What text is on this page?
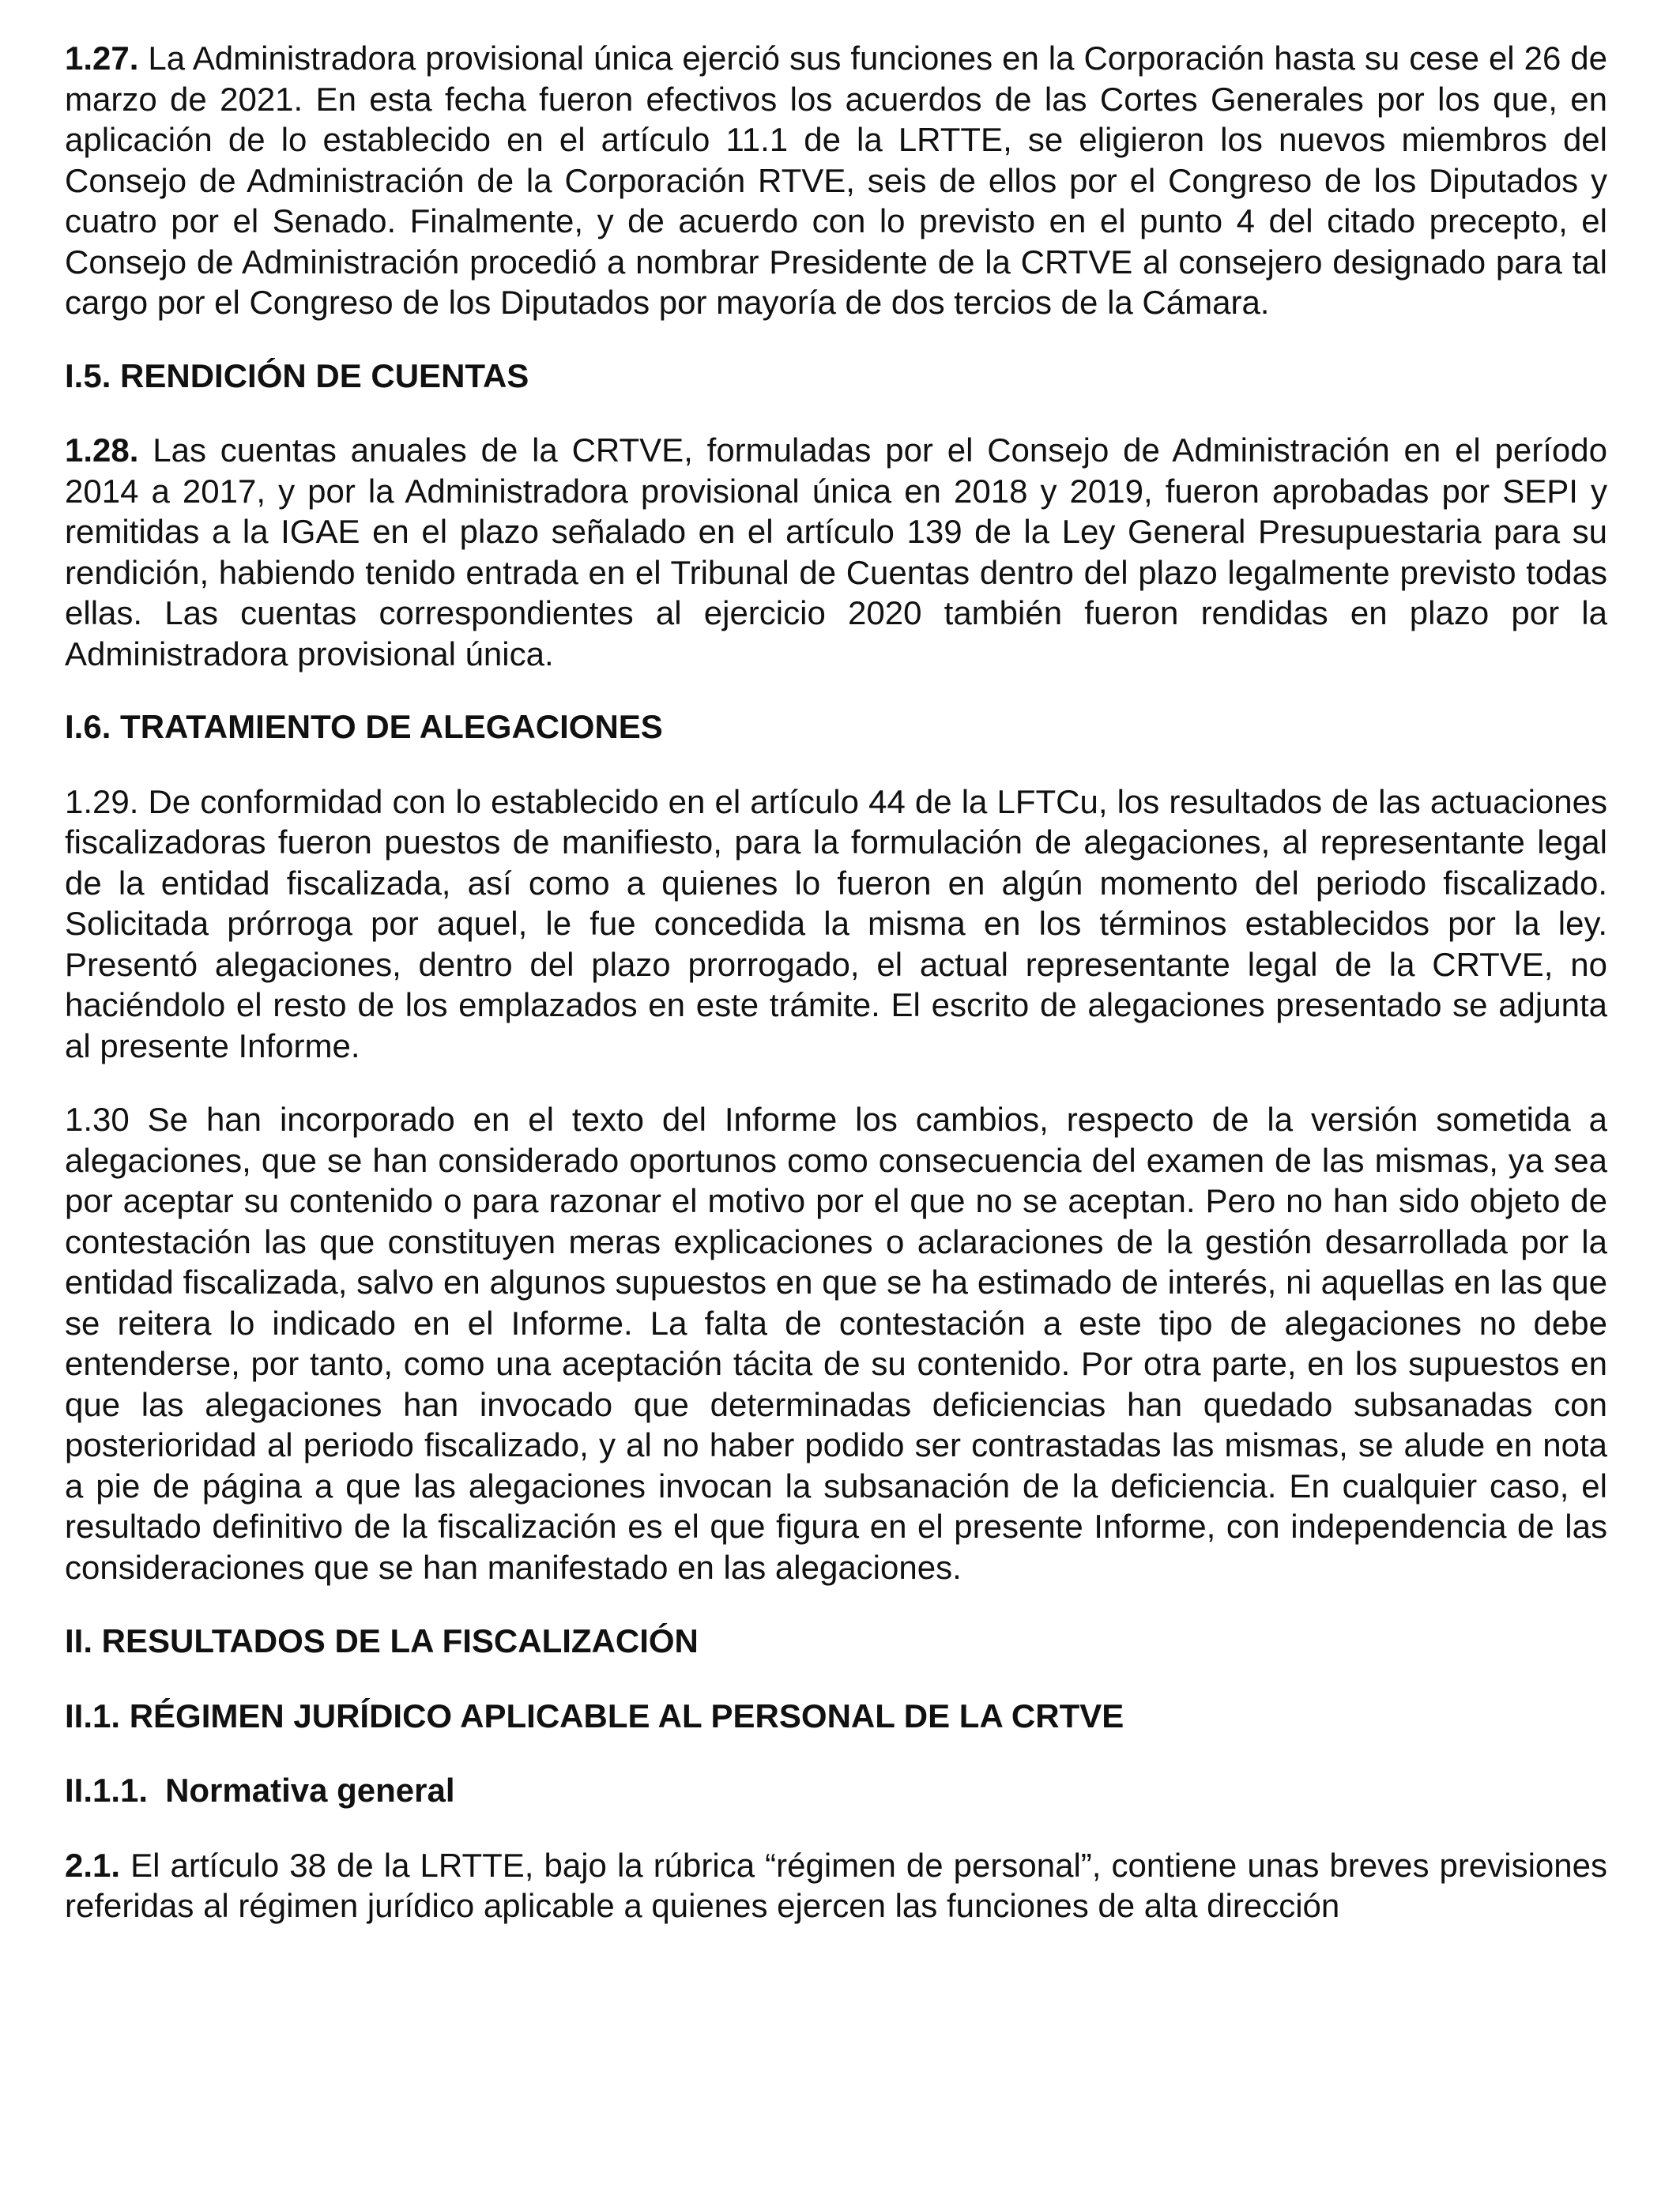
1.27. La Administradora provisional única ejerció sus funciones en la Corporación hasta su cese el 26 de marzo de 2021. En esta fecha fueron efectivos los acuerdos de las Cortes Generales por los que, en aplicación de lo establecido en el artículo 11.1 de la LRTTE, se eligieron los nuevos miembros del Consejo de Administración de la Corporación RTVE, seis de ellos por el Congreso de los Diputados y cuatro por el Senado. Finalmente, y de acuerdo con lo previsto en el punto 4 del citado precepto, el Consejo de Administración procedió a nombrar Presidente de la CRTVE al consejero designado para tal cargo por el Congreso de los Diputados por mayoría de dos tercios de la Cámara.

I.5. RENDICIÓN DE CUENTAS

1.28. Las cuentas anuales de la CRTVE, formuladas por el Consejo de Administración en el período 2014 a 2017, y por la Administradora provisional única en 2018 y 2019, fueron aprobadas por SEPI y remitidas a la IGAE en el plazo señalado en el artículo 139 de la Ley General Presupuestaria para su rendición, habiendo tenido entrada en el Tribunal de Cuentas dentro del plazo legalmente previsto todas ellas. Las cuentas correspondientes al ejercicio 2020 también fueron rendidas en plazo por la Administradora provisional única.

I.6. TRATAMIENTO DE ALEGACIONES

1.29. De conformidad con lo establecido en el artículo 44 de la LFTCu, los resultados de las actuaciones fiscalizadoras fueron puestos de manifiesto, para la formulación de alegaciones, al representante legal de la entidad fiscalizada, así como a quienes lo fueron en algún momento del periodo fiscalizado. Solicitada prórroga por aquel, le fue concedida la misma en los términos establecidos por la ley. Presentó alegaciones, dentro del plazo prorrogado, el actual representante legal de la CRTVE, no haciéndolo el resto de los emplazados en este trámite. El escrito de alegaciones presentado se adjunta al presente Informe.

1.30 Se han incorporado en el texto del Informe los cambios, respecto de la versión sometida a alegaciones, que se han considerado oportunos como consecuencia del examen de las mismas, ya sea por aceptar su contenido o para razonar el motivo por el que no se aceptan. Pero no han sido objeto de contestación las que constituyen meras explicaciones o aclaraciones de la gestión desarrollada por la entidad fiscalizada, salvo en algunos supuestos en que se ha estimado de interés, ni aquellas en las que se reitera lo indicado en el Informe. La falta de contestación a este tipo de alegaciones no debe entenderse, por tanto, como una aceptación tácita de su contenido. Por otra parte, en los supuestos en que las alegaciones han invocado que determinadas deficiencias han quedado subsanadas con posterioridad al periodo fiscalizado, y al no haber podido ser contrastadas las mismas, se alude en nota a pie de página a que las alegaciones invocan la subsanación de la deficiencia. En cualquier caso, el resultado definitivo de la fiscalización es el que figura en el presente Informe, con independencia de las consideraciones que se han manifestado en las alegaciones.

II. RESULTADOS DE LA FISCALIZACIÓN
II.1. RÉGIMEN JURÍDICO APLICABLE AL PERSONAL DE LA CRTVE
II.1.1. Normativa general

2.1. El artículo 38 de la LRTTE, bajo la rúbrica “régimen de personal”, contiene unas breves previsiones referidas al régimen jurídico aplicable a quienes ejercen las funciones de alta dirección
